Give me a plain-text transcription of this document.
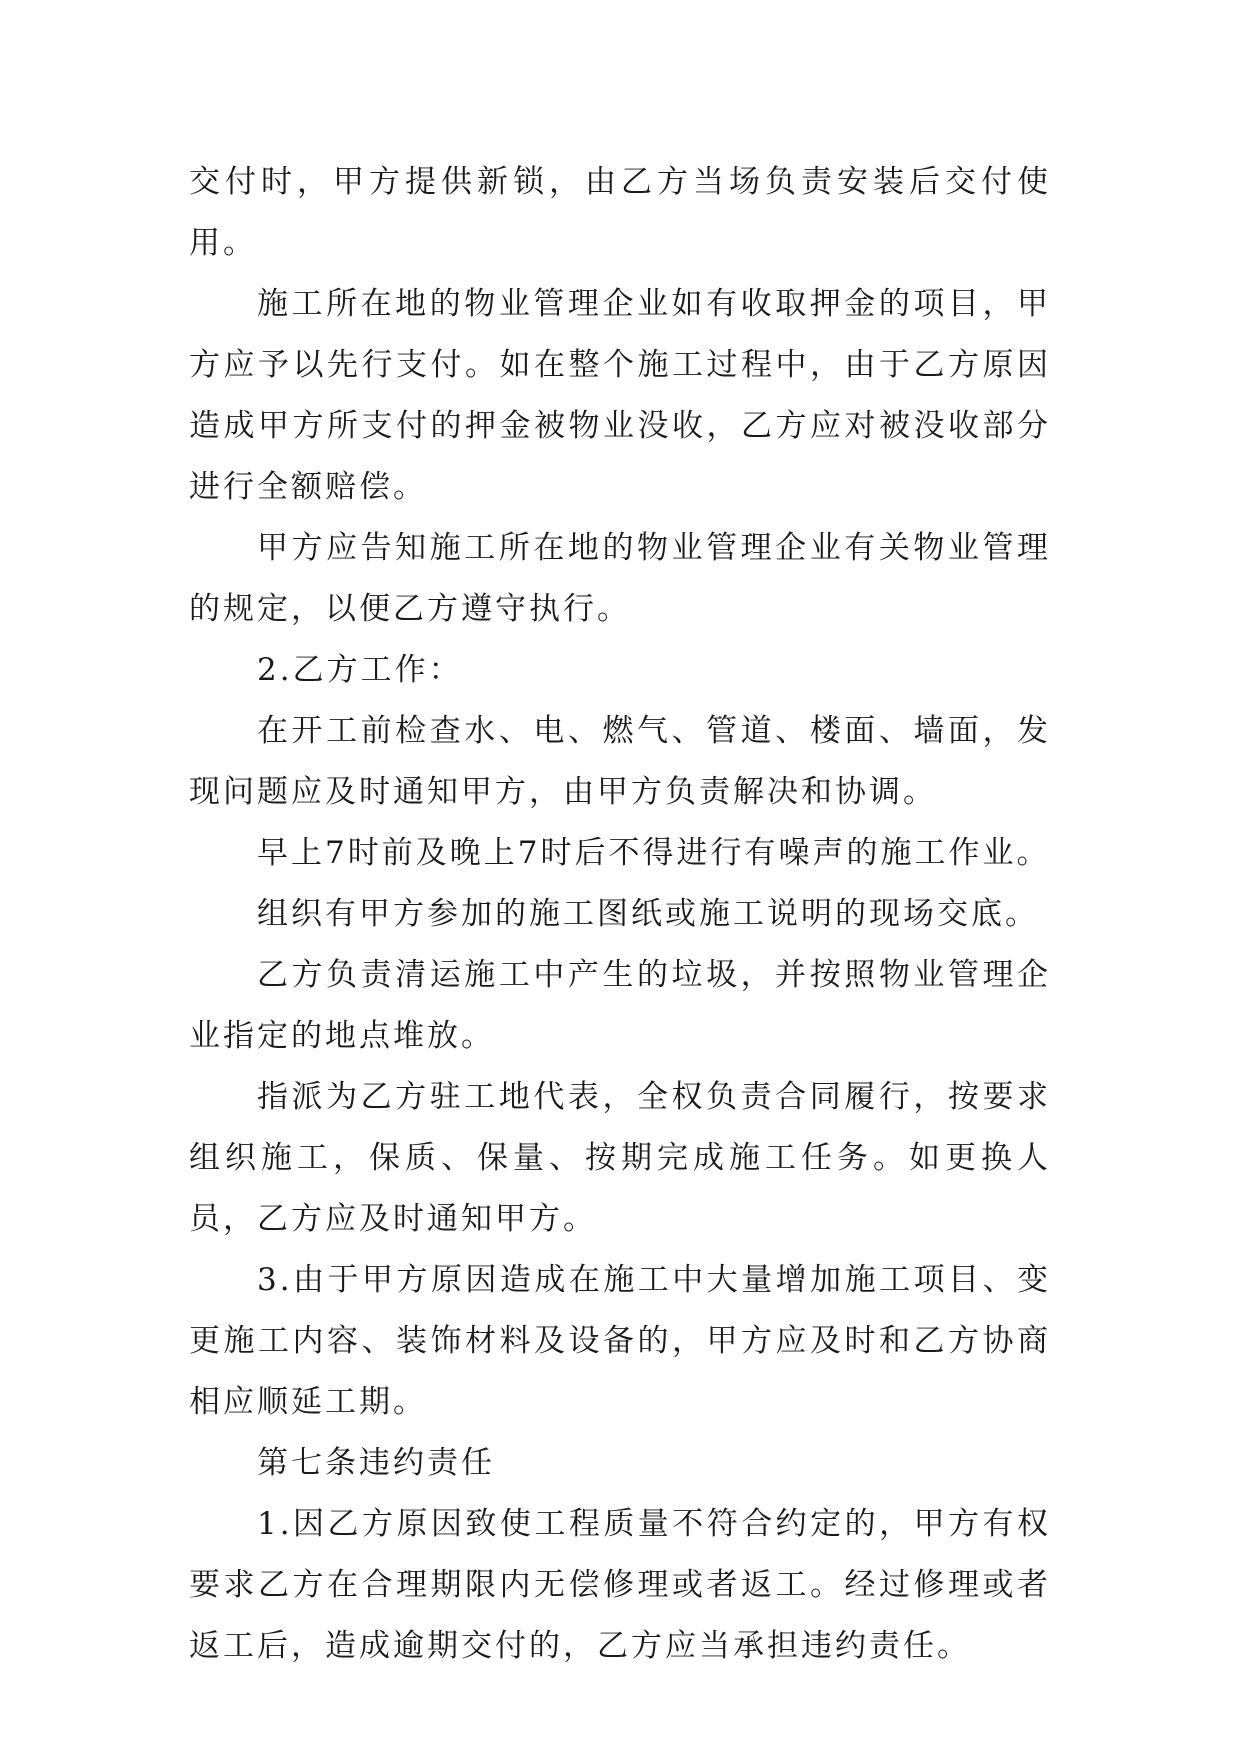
交付时，甲方提供新锁，由乙方当场负责安装后交付使用。

施工所在地的物业管理企业如有收取押金的项目，甲方应予以先行支付。如在整个施工过程中，由于乙方原因造成甲方所支付的押金被物业没收，乙方应对被没收部分进行全额赔偿。

甲方应告知施工所在地的物业管理企业有关物业管理的规定，以便乙方遵守执行。

2.乙方工作：

在开工前检查水、电、燃气、管道、楼面、墙面，发现问题应及时通知甲方，由甲方负责解决和协调。

早上7时前及晚上7时后不得进行有噪声的施工作业。

组织有甲方参加的施工图纸或施工说明的现场交底。

乙方负责清运施工中产生的垃圾，并按照物业管理企业指定的地点堆放。

指派为乙方驻工地代表，全权负责合同履行，按要求组织施工，保质、保量、按期完成施工任务。如更换人员，乙方应及时通知甲方。

3.由于甲方原因造成在施工中大量增加施工项目、变更施工内容、装饰材料及设备的，甲方应及时和乙方协商相应顺延工期。

第七条违约责任

1.因乙方原因致使工程质量不符合约定的，甲方有权要求乙方在合理期限内无偿修理或者返工。经过修理或者返工后，造成逾期交付的，乙方应当承担违约责任。
